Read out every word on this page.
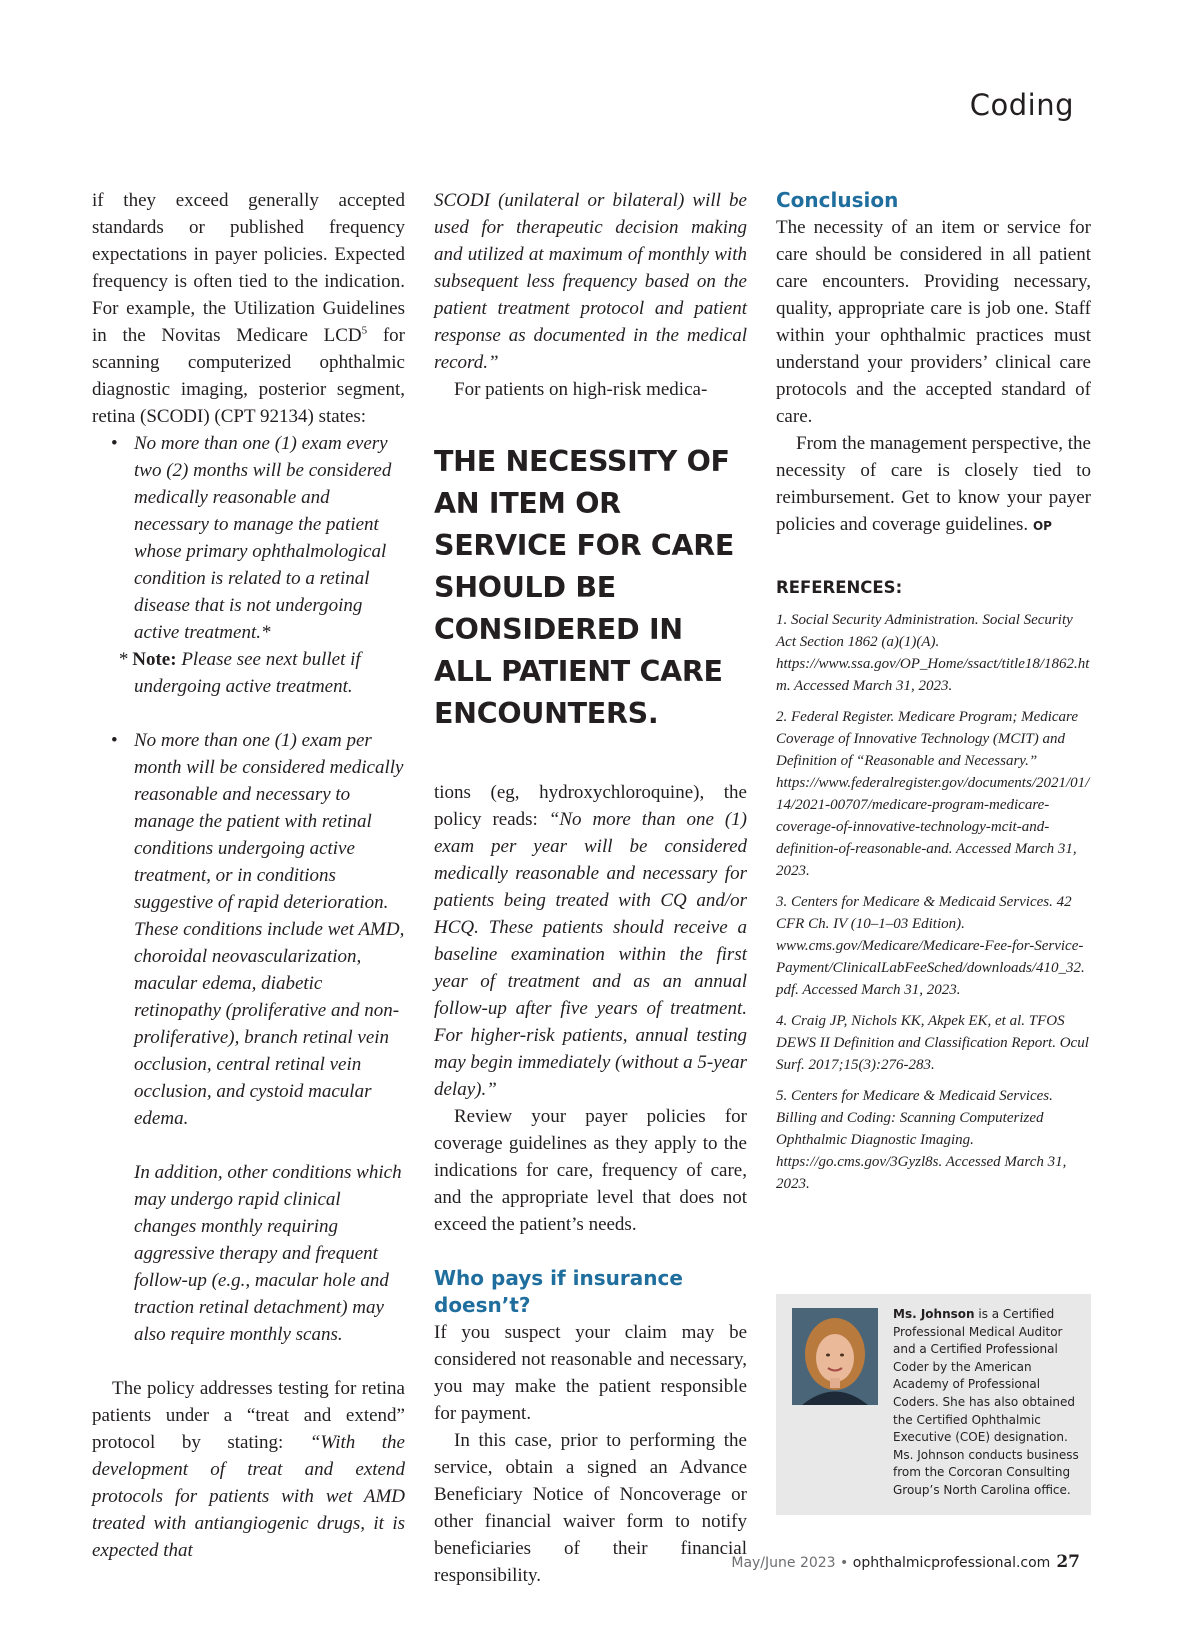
Coding

if they exceed generally accepted standards or published frequency expectations in payer policies. Expected frequency is often tied to the indication. For example, the Utilization Guidelines in the Novitas Medicare LCD$^5$ for scanning computerized ophthalmic diagnostic imaging, posterior segment, retina (SCODI) (CPT 92134) states:

• No more than one (1) exam every two (2) months will be considered medically reasonable and necessary to manage the patient whose primary ophthalmological condition is related to a retinal disease that is not undergoing active treatment.*
* Note: Please see next bullet if undergoing active treatment.
• No more than one (1) exam per month will be considered medically reasonable and necessary to manage the patient with retinal conditions undergoing active treatment, or in conditions suggestive of rapid deterioration. These conditions include wet AMD, choroidal neovascularization, macular edema, diabetic retinopathy (proliferative and non-proliferative), branch retinal vein occlusion, central retinal vein occlusion, and cystoid macular edema.
In addition, other conditions which may undergo rapid clinical changes monthly requiring aggressive therapy and frequent follow-up (e.g., macular hole and traction retinal detachment) may also require monthly scans.

The policy addresses testing for retina patients under a “treat and extend” protocol by stating: “With the development of treat and extend protocols for patients with wet AMD treated with antiangiogenic drugs, it is expected that

SCODI (unilateral or bilateral) will be used for therapeutic decision making and utilized at maximum of monthly with subsequent less frequency based on the patient treatment protocol and patient response as documented in the medical record.”

For patients on high-risk medica-

THE NECESSITY OF AN ITEM OR SERVICE FOR CARE SHOULD BE CONSIDERED IN ALL PATIENT CARE ENCOUNTERS.

tions (eg, hydroxychloroquine), the policy reads: “No more than one (1) exam per year will be considered medically reasonable and necessary for patients being treated with CQ and/or HCQ. These patients should receive a baseline examination within the first year of treatment and as an annual follow-up after five years of treatment. For higher-risk patients, annual testing may begin immediately (without a 5-year delay).”

Review your payer policies for coverage guidelines as they apply to the indications for care, frequency of care, and the appropriate level that does not exceed the patient’s needs.

Who pays if insurance doesn’t?

If you suspect your claim may be considered not reasonable and necessary, you may make the patient responsible for payment.

In this case, prior to performing the service, obtain a signed an Advance Beneficiary Notice of Noncoverage or other financial waiver form to notify beneficiaries of their financial responsibility.

Conclusion

The necessity of an item or service for care should be considered in all patient care encounters. Providing necessary, quality, appropriate care is job one. Staff within your ophthalmic practices must understand your providers’ clinical care protocols and the accepted standard of care.

From the management perspective, the necessity of care is closely tied to reimbursement. Get to know your payer policies and coverage guidelines. OP

REFERENCES:

1. Social Security Administration. Social Security Act Section 1862 (a)(1)(A). https://www.ssa.gov/OP_Home/ssact/title18/1862.htm. Accessed March 31, 2023.

2. Federal Register. Medicare Program; Medicare Coverage of Innovative Technology (MCIT) and Definition of “Reasonable and Necessary.” https://www.federalregister.gov/documents/2021/01/14/2021-00707/medicare-program-medicare-coverage-of-innovative-technology-mcit-and-definition-of-reasonable-and. Accessed March 31, 2023.

3. Centers for Medicare & Medicaid Services. 42 CFR Ch. IV (10–1–03 Edition). www.cms.gov/Medicare/Medicare-Fee-for-Service-Payment/ClinicalLabFeeSched/downloads/410_32.pdf. Accessed March 31, 2023.

4. Craig JP, Nichols KK, Akpek EK, et al. TFOS DEWS II Definition and Classification Report. Ocul Surf. 2017;15(3):276-283.

5. Centers for Medicare & Medicaid Services. Billing and Coding: Scanning Computerized Ophthalmic Diagnostic Imaging. https://go.cms.gov/3Gyzl8s. Accessed March 31, 2023.

Ms. Johnson is a Certified Professional Medical Auditor and a Certified Professional Coder by the American Academy of Professional Coders. She has also obtained the Certified Ophthalmic Executive (COE) designation. Ms. Johnson conducts business from the Corcoran Consulting Group’s North Carolina office.
May/June 2023 • ophthalmicprofessional.com 27
